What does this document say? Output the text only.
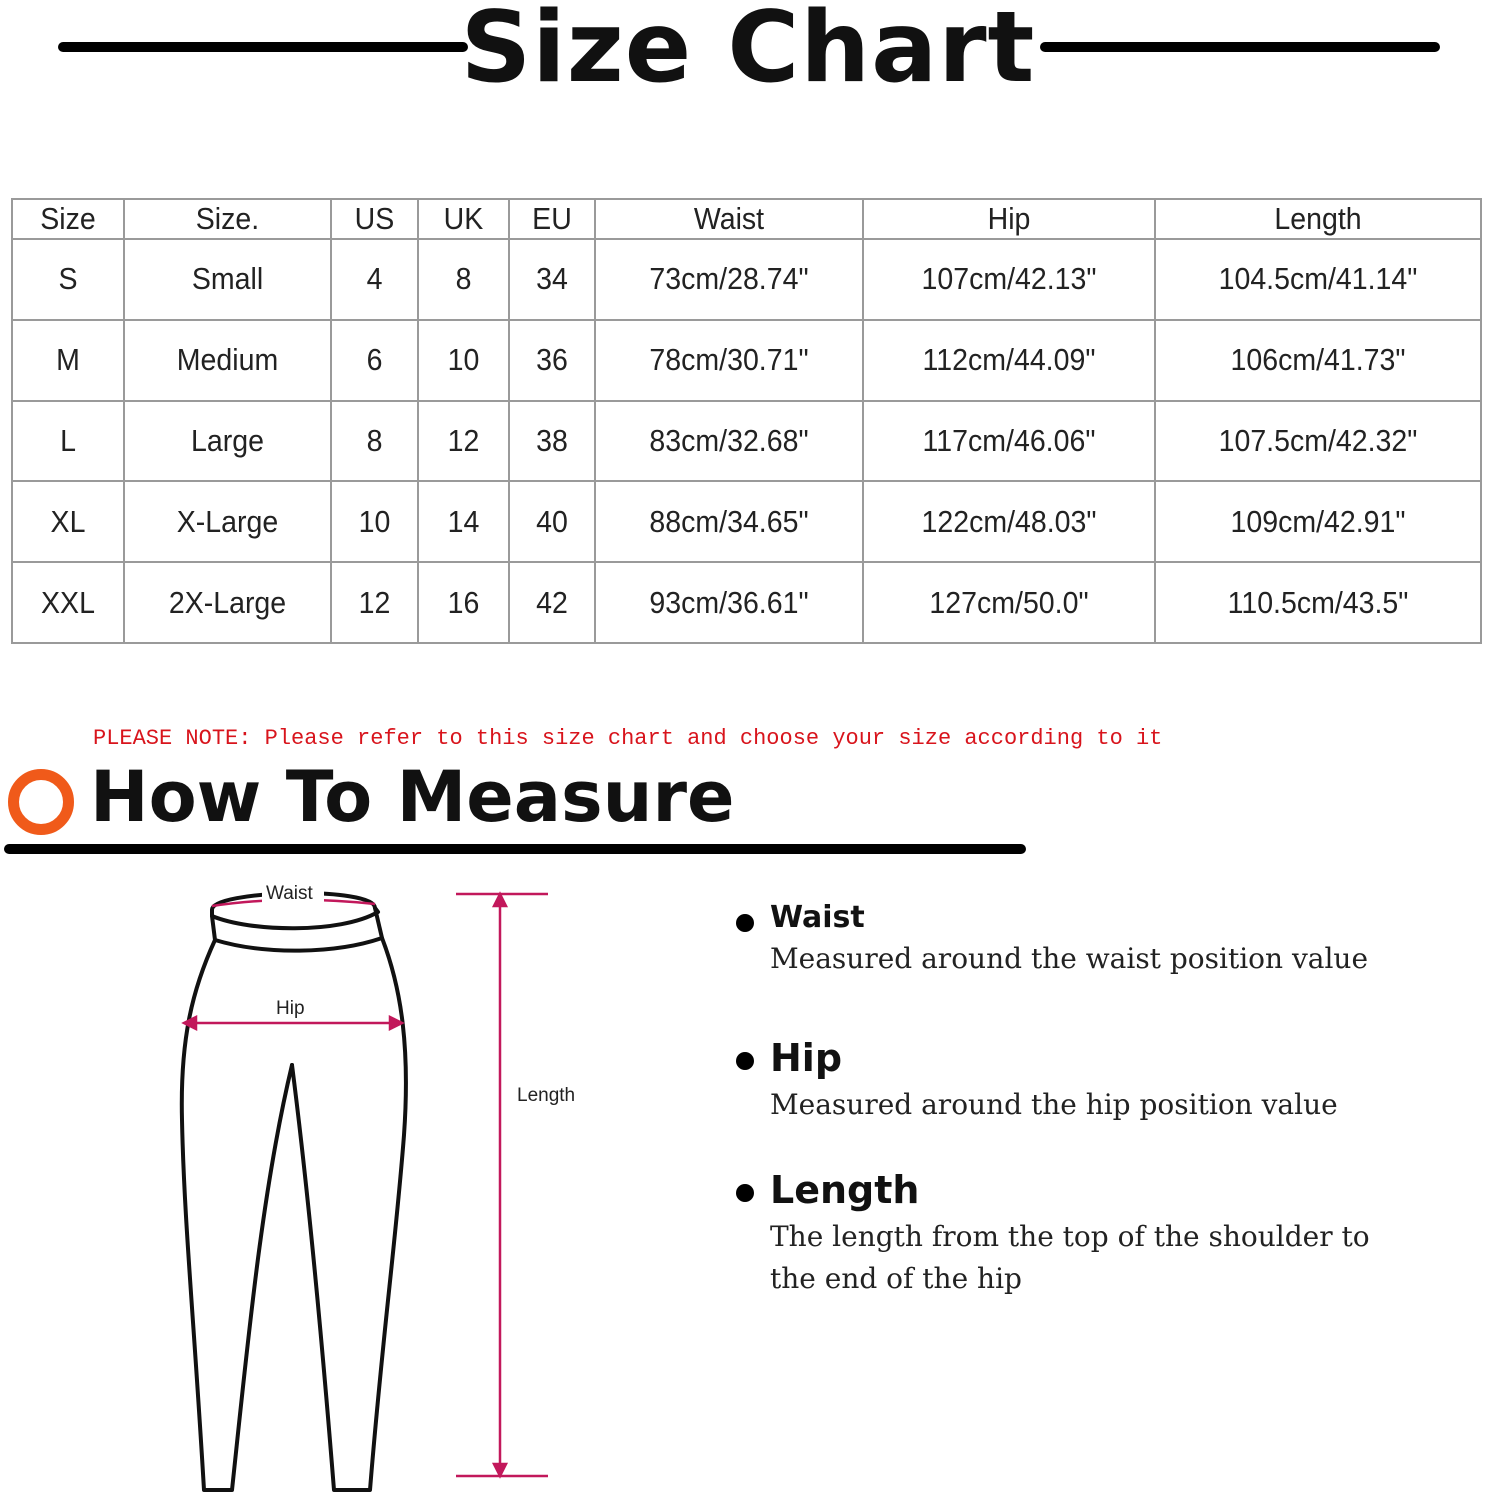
Size Chart
Size	Size.	US	UK	EU	Waist	Hip	Length
S	Small	4	8	34	73cm/28.74"	107cm/42.13"	104.5cm/41.14"
M	Medium	6	10	36	78cm/30.71"	112cm/44.09"	106cm/41.73"
L	Large	8	12	38	83cm/32.68"	117cm/46.06"	107.5cm/42.32"
XL	X-Large	10	14	40	88cm/34.65"	122cm/48.03"	109cm/42.91"
XXL	2X-Large	12	16	42	93cm/36.61"	127cm/50.0"	110.5cm/43.5"
PLEASE NOTE: Please refer to this size chart and choose your size according to it
How To Measure
Waist
Hip
Length
Waist
Measured around the waist position value
Hip
Measured around the hip position value
Length
The length from the top of the shoulder to
the end of the hip
